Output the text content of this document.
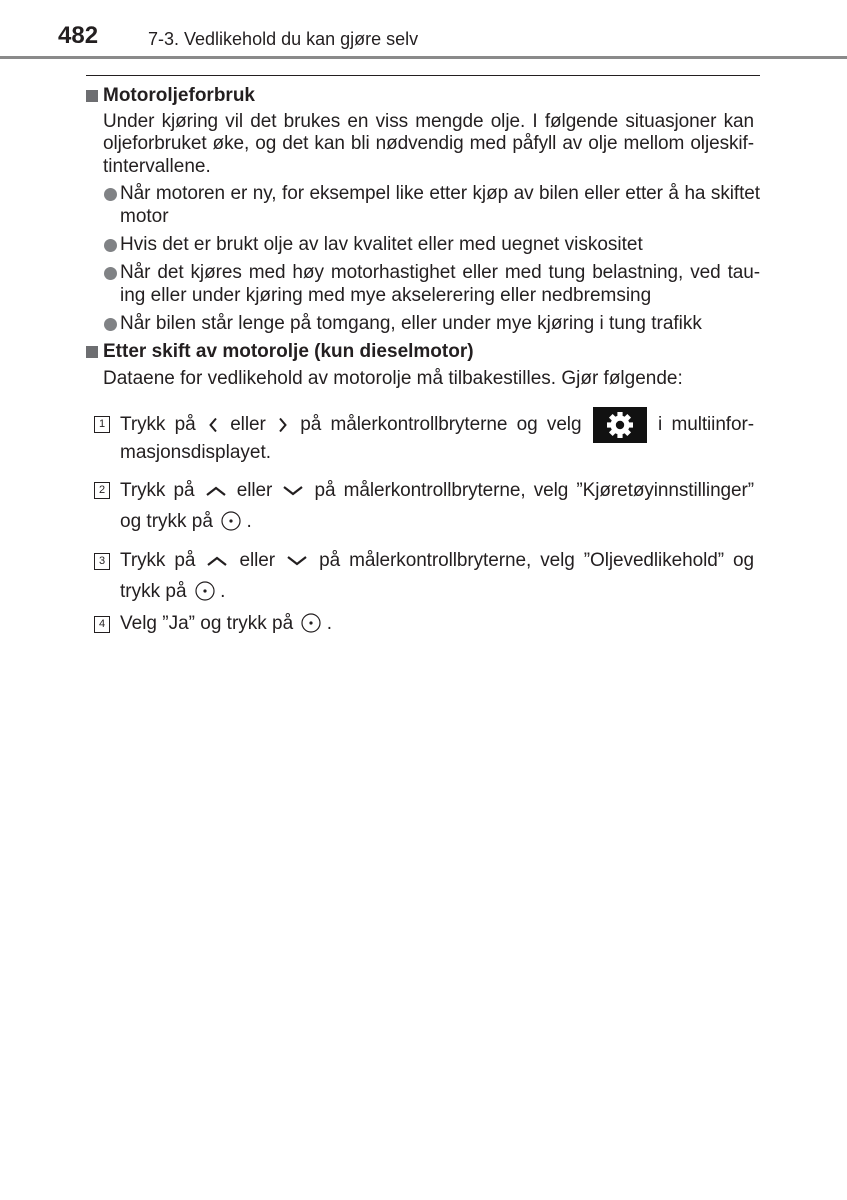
482	7-3. Vedlikehold du kan gjøre selv
Motoroljeforbruk
Under kjøring vil det brukes en viss mengde olje. I følgende situasjoner kan
oljeforbruket øke, og det kan bli nødvendig med påfyll av olje mellom oljeskif-
tintervallene.
Når motoren er ny, for eksempel like etter kjøp av bilen eller etter å ha skiftet
motor
Hvis det er brukt olje av lav kvalitet eller med uegnet viskositet
Når det kjøres med høy motorhastighet eller med tung belastning, ved tau-
ing eller under kjøring med mye akselerering eller nedbremsing
Når bilen står lenge på tomgang, eller under mye kjøring i tung trafikk
Etter skift av motorolje (kun dieselmotor)
Dataene for vedlikehold av motorolje må tilbakestilles. Gjør følgende:
1 Trykk på eller på målerkontrollbryterne og velg	i multiinfor-
masjonsdisplayet.
2 Trykk på eller på målerkontrollbryterne, velg ”Kjøretøyinnstillinger”
og trykk på .
3 Trykk på eller på målerkontrollbryterne, velg ”Oljevedlikehold” og
trykk på .
4 Velg ”Ja” og trykk på .
